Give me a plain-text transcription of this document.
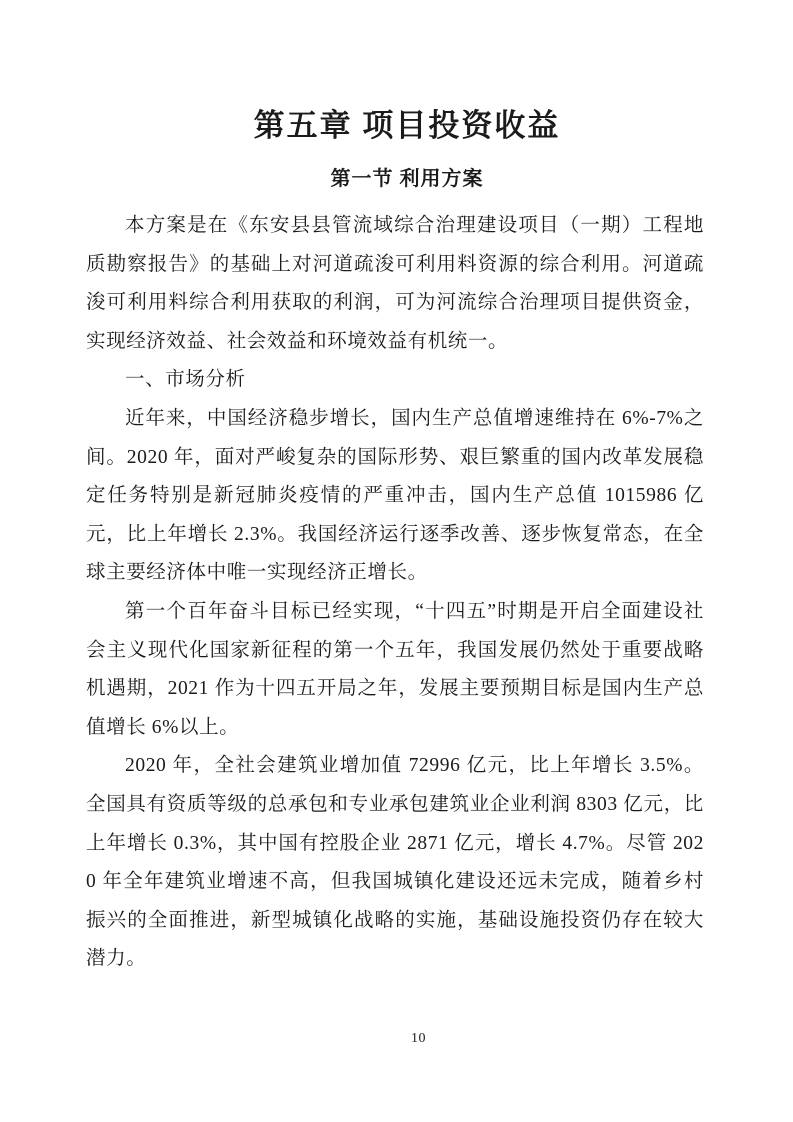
第五章 项目投资收益
第一节 利用方案

本方案是在《东安县县管流域综合治理建设项目（一期）工程地质勘察报告》的基础上对河道疏浚可利用料资源的综合利用。河道疏浚可利用料综合利用获取的利润，可为河流综合治理项目提供资金，实现经济效益、社会效益和环境效益有机统一。

一、市场分析

近年来，中国经济稳步增长，国内生产总值增速维持在 6%-7%之间。2020 年，面对严峻复杂的国际形势、艰巨繁重的国内改革发展稳定任务特别是新冠肺炎疫情的严重冲击，国内生产总值 1015986 亿元，比上年增长 2.3%。我国经济运行逐季改善、逐步恢复常态，在全球主要经济体中唯一实现经济正增长。

第一个百年奋斗目标已经实现，“十四五”时期是开启全面建设社会主义现代化国家新征程的第一个五年，我国发展仍然处于重要战略机遇期，2021 作为十四五开局之年，发展主要预期目标是国内生产总值增长 6%以上。

2020 年，全社会建筑业增加值 72996 亿元，比上年增长 3.5%。全国具有资质等级的总承包和专业承包建筑业企业利润 8303 亿元，比上年增长 0.3%，其中国有控股企业 2871 亿元，增长 4.7%。尽管 2020 年全年建筑业增速不高，但我国城镇化建设还远未完成，随着乡村振兴的全面推进，新型城镇化战略的实施，基础设施投资仍存在较大潜力。

10
